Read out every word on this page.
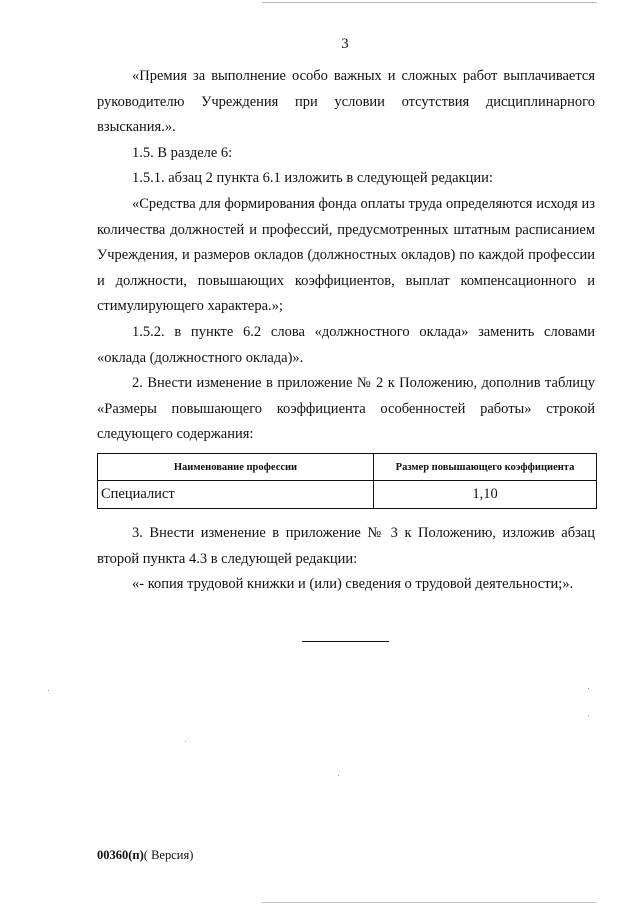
3

«Премия за выполнение особо важных и сложных работ выплачивается руководителю Учреждения при условии отсутствия дисциплинарного взыскания.».

1.5. В разделе 6:

1.5.1. абзац 2 пункта 6.1 изложить в следующей редакции:

«Средства для формирования фонда оплаты труда определяются исходя из количества должностей и профессий, предусмотренных штатным расписанием Учреждения, и размеров окладов (должностных окладов) по каждой профессии и должности, повышающих коэффициентов, выплат компенсационного и стимулирующего характера.»;

1.5.2. в пункте 6.2 слова «должностного оклада» заменить словами «оклада (должностного оклада)».

2. Внести изменение в приложение № 2 к Положению, дополнив таблицу «Размеры повышающего коэффициента особенностей работы» строкой следующего содержания:

Наименование профессии	Размер повышающего коэффициента
Специалист	1,10

3. Внести изменение в приложение № 3 к Положению, изложив абзац второй пункта 4.3 в следующей редакции:

«- копия трудовой книжки и (или) сведения о трудовой деятельности;».

00360(п)( Версия)
